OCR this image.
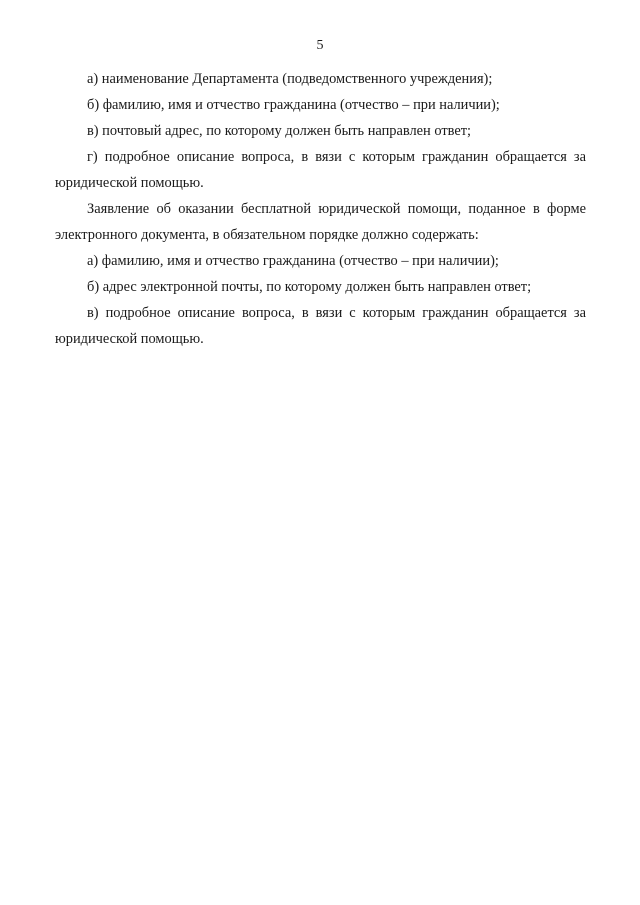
5

а) наименование Департамента (подведомственного учреждения);

б) фамилию, имя и отчество гражданина (отчество – при наличии);

в) почтовый адрес, по которому должен быть направлен ответ;

г) подробное описание вопроса, в вязи с которым гражданин обращается за юридической помощью.

Заявление об оказании бесплатной юридической помощи, поданное в форме электронного документа, в обязательном порядке должно содержать:

а) фамилию, имя и отчество гражданина (отчество – при наличии);

б) адрес электронной почты, по которому должен быть направлен ответ;

в) подробное описание вопроса, в вязи с которым гражданин обращается за юридической помощью.
